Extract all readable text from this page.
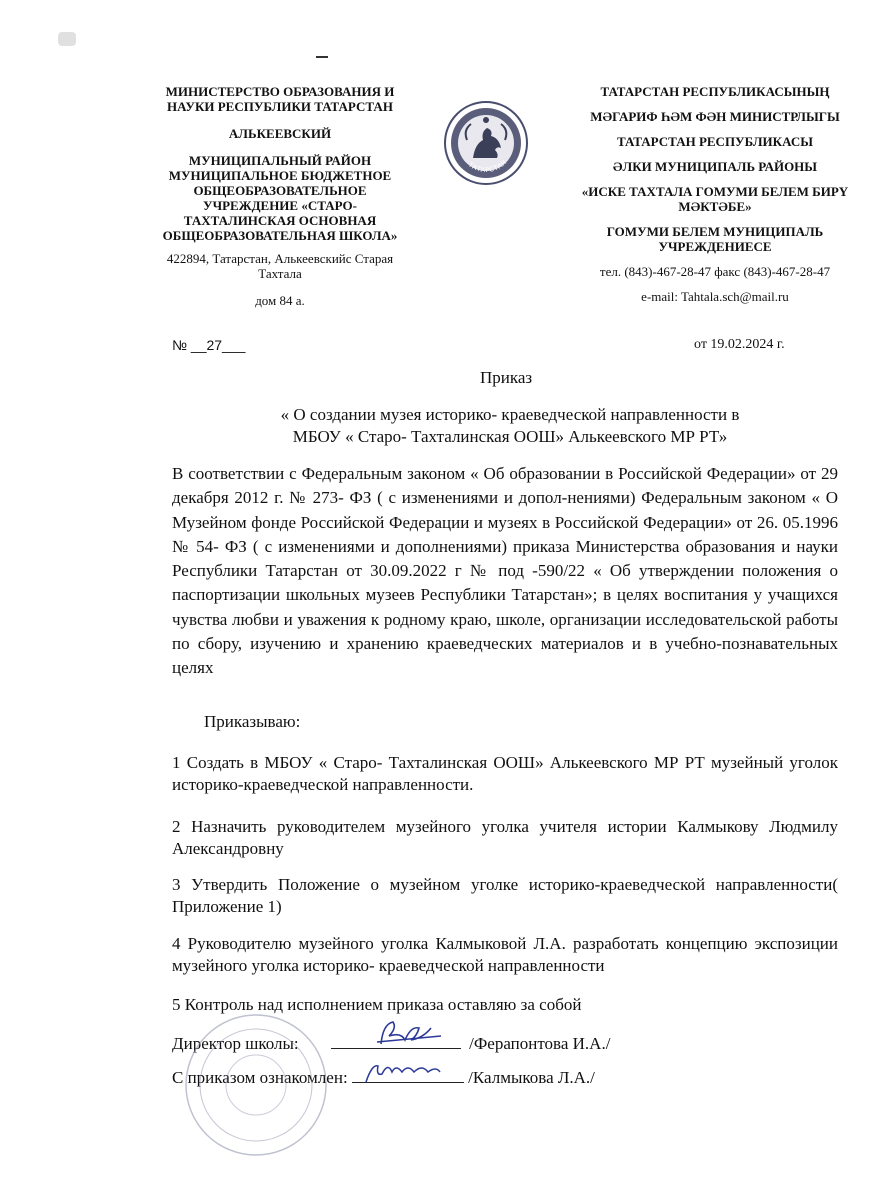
МИНИСТЕРСТВО ОБРАЗОВАНИЯ И
НАУКИ РЕСПУБЛИКИ ТАТАРСТАН
АЛЬКЕЕВСКИЙ
МУНИЦИПАЛЬНЫЙ РАЙОН
МУНИЦИПАЛЬНОЕ БЮДЖЕТНОЕ
ОБЩЕОБРАЗОВАТЕЛЬНОЕ
УЧРЕЖДЕНИЕ «СТАРО-
ТАХТАЛИНСКАЯ ОСНОВНАЯ
ОБЩЕОБРАЗОВАТЕЛЬНАЯ ШКОЛА»
422894, Татарстан, Алькеевскийс Старая
Тахтала
дом 84 а.
ТАТАРСТАН
ТАТАРСТАН РЕСПУБЛИКАСЫНЫҢ
МӘГАРИФ ҺӘМ ФӘН МИНИСТРЛЫГЫ
ТАТАРСТАН РЕСПУБЛИКАСЫ
ӘЛКИ МУНИЦИПАЛЬ РАЙОНЫ
«ИСКЕ ТАХТАЛА ГОМУМИ БЕЛЕМ БИРҮ
МӘКТӘБЕ»
ГОМУМИ БЕЛЕМ МУНИЦИПАЛЬ
УЧРЕЖДЕНИЕСЕ
тел. (843)-467-28-47 факс (843)-467-28-47
e-mail: Tahtala.sch@mail.ru
№ __27___	от 19.02.2024 г.
Приказ
« О создании музея историко- краеведческой направленности в
МБОУ « Старо- Тахталинская ООШ» Алькеевского МР РТ»
В соответствии с Федеральным законом « Об образовании в Российской Федерации» от 29 декабря 2012 г. № 273- ФЗ ( с изменениями и допол-нениями) Федеральным законом « О Музейном фонде Российской Федерации и музеях в Российской Федерации» от 26. 05.1996 № 54- ФЗ ( с изменениями и дополнениями) приказа Министерства образования и науки Республики Татарстан от 30.09.2022 г № под -590/22 « Об утверждении положения о паспортизации школьных музеев Республики Татарстан»; в целях воспитания у учащихся чувства любви и уважения к родному краю, школе, организации исследовательской работы по сбору, изучению и хранению краеведческих материалов и в учебно-познавательных целях
Приказываю:
1 Создать в МБОУ « Старо- Тахталинская ООШ» Алькеевского МР РТ музейный уголок историко-краеведческой направленности.
2 Назначить руководителем музейного уголка учителя истории Калмыкову Людмилу Александровну
3 Утвердить Положение о музейном уголке историко-краеведческой направленности( Приложение 1)
4 Руководителю музейного уголка Калмыковой Л.А. разработать концепцию экспозиции музейного уголка историко- краеведческой направленности
5 Контроль над исполнением приказа оставляю за собой
Директор школы:	/Ферапонтова И.А./
С приказом ознакомлен:	/Калмыкова Л.А./
